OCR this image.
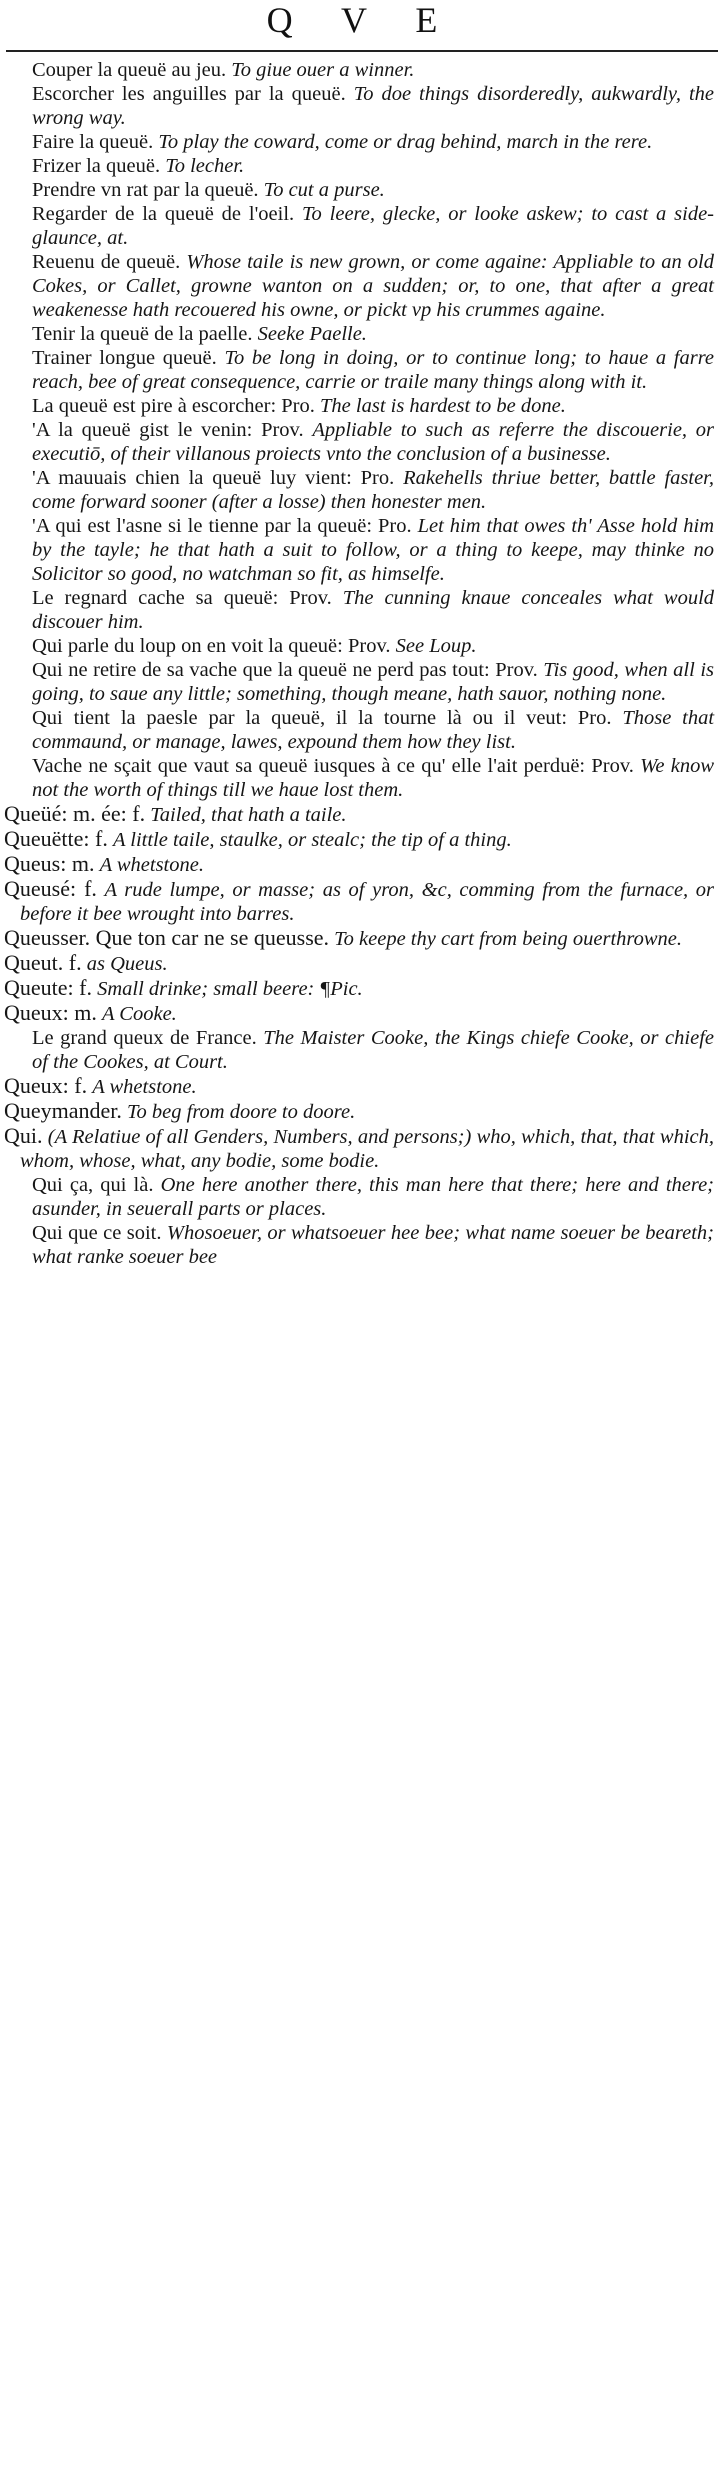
Q V E

Couper la queuë au jeu. To giue ouer a winner.

Escorcher les anguilles par la queuë. To doe things disorderedly, aukwardly, the wrong way.

Faire la queuë. To play the coward, come or drag behind, march in the rere.

Frizer la queuë. To lecher.

Prendre vn rat par la queuë. To cut a purse.

Regarder de la queuë de l'oeil. To leere, glecke, or looke askew; to cast a side-glaunce, at.

Reuenu de queuë. Whose taile is new grown, or come againe: Appliable to an old Cokes, or Callet, growne wanton on a sudden; or, to one, that after a great weakenesse hath recouered his owne, or pickt vp his crummes againe.

Tenir la queuë de la paelle. Seeke Paelle.

Trainer longue queuë. To be long in doing, or to continue long; to haue a farre reach, bee of great consequence, carrie or traile many things along with it.

La queuë est pire à escorcher: Pro. The last is hardest to be done.

'A la queuë gist le venin: Prov. Appliable to such as referre the discouerie, or executiō, of their villanous proiects vnto the conclusion of a businesse.

'A mauuais chien la queuë luy vient: Pro. Rakehells thriue better, battle faster, come forward sooner (after a losse) then honester men.

'A qui est l'asne si le tienne par la queuë: Pro. Let him that owes th' Asse hold him by the tayle; he that hath a suit to follow, or a thing to keepe, may thinke no Solicitor so good, no watchman so fit, as himselfe.

Le regnard cache sa queuë: Prov. The cunning knaue conceales what would discouer him.

Qui parle du loup on en voit la queuë: Prov. See Loup.

Qui ne retire de sa vache que la queuë ne perd pas tout: Prov. Tis good, when all is going, to saue any little; something, though meane, hath sauor, nothing none.

Qui tient la paesle par la queuë, il la tourne là ou il veut: Pro. Those that commaund, or manage, lawes, expound them how they list.

Vache ne sçait que vaut sa queuë iusques à ce qu' elle l'ait perduë: Prov. We know not the worth of things till we haue lost them.

Queüé: m. ée: f. Tailed, that hath a taile.

Queuëtte: f. A little taile, staulke, or stealc; the tip of a thing.

Queus: m. A whetstone.

Queusé: f. A rude lumpe, or masse; as of yron, &c, comming from the furnace, or before it bee wrought into barres.

Queusser. Que ton car ne se queusse. To keepe thy cart from being ouerthrowne.

Queut. f. as Queus.

Queute: f. Small drinke; small beere: ¶Pic.

Queux: m. A Cooke.

Le grand queux de France. The Maister Cooke, the Kings chiefe Cooke, or chiefe of the Cookes, at Court.

Queux: f. A whetstone.

Queymander. To beg from doore to doore.

Qui. (A Relatiue of all Genders, Numbers, and persons;) who, which, that, that which, whom, whose, what, any bodie, some bodie.

Qui ça, qui là. One here another there, this man here that there; here and there; asunder, in seuerall parts or places.

Qui que ce soit. Whosoeuer, or whatsoeuer hee bee; what name soeuer be beareth; what ranke soeuer bee
